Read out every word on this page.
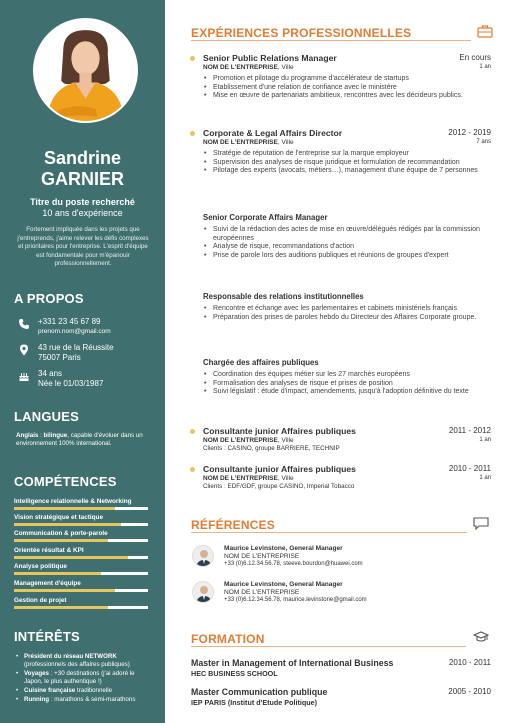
Sandrine
GARNIER
Titre du poste recherché
10 ans d'expérience
Fortement impliquée dans les projets que j'entreprends, j'aime relever les défis complexes et prioritaires pour l'entreprise. L'esprit d'équipe est fondamentale pour m'épanouir professionnellement.
A PROPOS
+331 23 45 67 89
prenom.nom@gmail.com
43 rue de la Réussite
75007 Paris
34 ans
Née le 01/03/1987
LANGUES
Anglais : bilingue, capable d'évoluer dans un environnement 100% international.
COMPÉTENCES
Intelligence relationnelle & Networking
Vision stratégique et tactique
Communication & porte-parole
Orientée résultat & KPI
Analyse politique
Management d'équipe
Gestion de projet
INTÉRÊTS
• Président du réseau NETWORK (professionnels des affaires publiques)
• Voyages : +30 destinations (j'ai adoré le Japon, le plus authentique !)
• Cuisine française traditionnelle
• Running : marathons & semi-marathons
EXPÉRIENCES PROFESSIONNELLES
Senior Public Relations Manager
NOM DE L'ENTREPRISE, Ville
En cours
1 an
• Promotion et pilotage du programme d'accélérateur de startups
• Etablissement d'une relation de confiance avec le ministère
• Mise en œuvre de partenariats ambitieux, rencontres avec les décideurs publics.
Corporate & Legal Affairs Director
NOM DE L'ENTREPRISE, Ville
2012 - 2019
7 ans
• Stratégie de réputation de l'entreprise sur la marque employeur
• Supervision des analyses de risque juridique et formulation de recommandation
• Pilotage des experts (avocats, métiers…), management d'une équipe de 7 personnes
Senior Corporate Affairs Manager
• Suivi de la rédaction des actes de mise en œuvre/délégués rédigés par la commission européennes
• Analyse de risque, recommandations d'action
• Prise de parole lors des auditions publiques et réunions de groupes d'expert
Responsable des relations institutionnelles
• Rencontre et échange avec les parlementaires et cabinets ministériels français
• Préparation des prises de paroles hebdo du Directeur des Affaires Corporate groupe.
Chargée des affaires publiques
• Coordination des équipes métier sur les 27 marchés européens
• Formalisation des analyses de risque et prises de position
• Suivi législatif : étude d'impact, amendements, jusqu'à l'adoption définitive du texte
Consultante junior Affaires publiques
NOM DE L'ENTREPRISE, Ville
2011 - 2012
1 an
Clients : CASINO, groupe BARRIERE, TECHNIP
Consultante junior Affaires publiques
NOM DE L'ENTREPRISE, Ville
2010 - 2011
1 an
Clients : EDF/GDF, groupe CASINO, Imperial Tobacco
RÉFÉRENCES
Maurice Levinstone, General Manager
NOM DE L'ENTREPRISE
+33 (0)6.12.34.56.78, steeve.bourdon@huawei.com
Maurice Levinstone, General Manager
NOM DE L'ENTREPRISE
+33 (0)6.12.34.56.78, maurice.levinstone@gmail.com
FORMATION
Master in Management of International Business
HEC BUSINESS SCHOOL
2010 - 2011
Master Communication publique
IEP PARIS (Institut d'Etude Politique)
2005 - 2010
